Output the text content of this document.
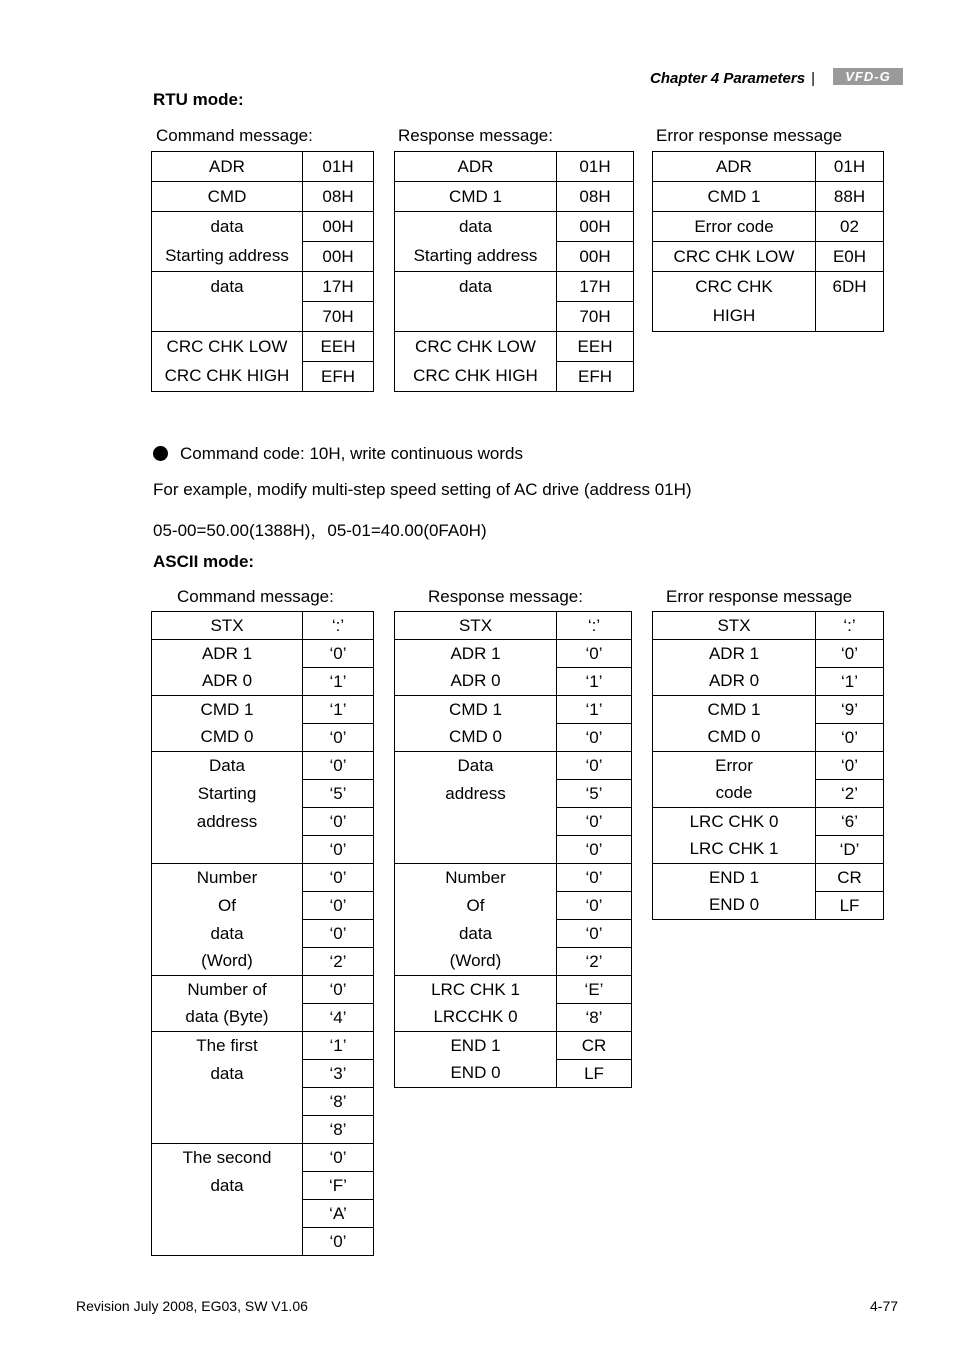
Chapter 4 Parameters |	VFD-G
RTU mode:
Command message:	Response message:	Error response message
ADR	01H
CMD	08H
data	00H
Starting address	00H
data	17H
	70H
CRC CHK LOW	EEH
CRC CHK HIGH	EFH
ADR	01H
CMD 1	08H
data	00H
Starting address	00H
data	17H
	70H
CRC CHK LOW	EEH
CRC CHK HIGH	EFH
ADR	01H
CMD 1	88H
Error code	02
CRC CHK LOW	E0H
CRC CHK	6DH
HIGH	
Command code: 10H, write continuous words
For example, modify multi-step speed setting of AC drive (address 01H)
05-00=50.00(1388H)，05-01=40.00(0FA0H)
ASCII mode:
Command message:	Response message:	Error response message
STX	‘:’
ADR 1	‘0’
ADR 0	‘1’
CMD 1	‘1’
CMD 0	‘0’
Data	‘0’
Starting	‘5’
address	‘0’
	‘0’
Number	‘0’
Of	‘0’
data	‘0’
(Word)	‘2’
Number of	‘0’
data (Byte)	‘4’
The first	‘1’
data	‘3’
	‘8’
	‘8’
The second	‘0’
data	‘F’
	‘A’
	‘0’
STX	‘:’
ADR 1	‘0’
ADR 0	‘1’
CMD 1	‘1’
CMD 0	‘0’
Data	‘0’
address	‘5’
	‘0’
	‘0’
Number	‘0’
Of	‘0’
data	‘0’
(Word)	‘2’
LRC CHK 1	‘E’
LRCCHK 0	‘8’
END 1	CR
END 0	LF
STX	‘:’
ADR 1	‘0’
ADR 0	‘1’
CMD 1	‘9’
CMD 0	‘0’
Error	‘0’
code	‘2’
LRC CHK 0	‘6’
LRC CHK 1	‘D’
END 1	CR
END 0	LF
Revision July 2008, EG03, SW V1.06	4-77
